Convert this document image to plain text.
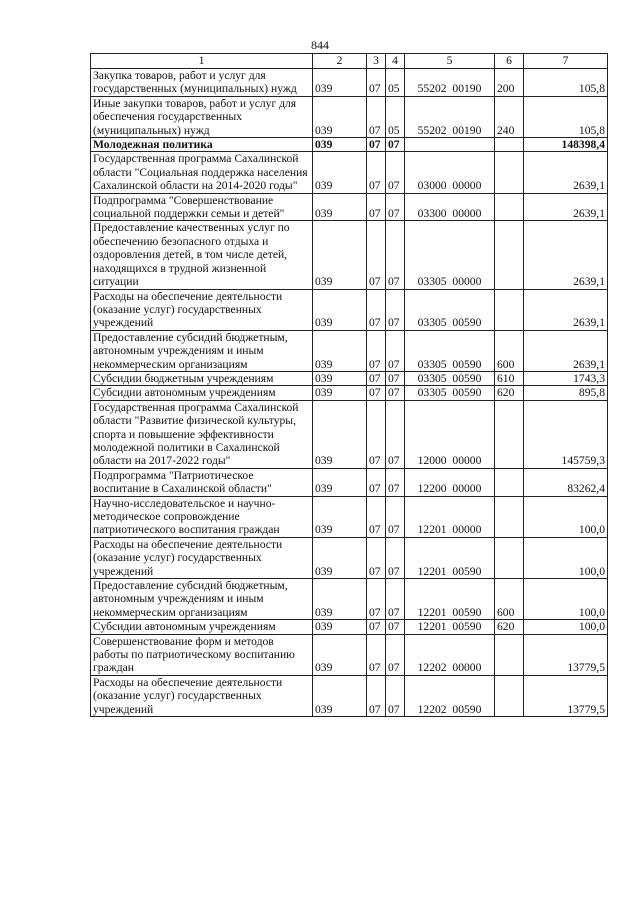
844
1	2	3	4	5	6	7
Закупка товаров, работ и услуг для государственных (муниципальных) нужд	039	07	05	55202  00190	200	105,8
Иные закупки товаров, работ и услуг для обеспечения государственных (муниципальных) нужд	039	07	05	55202  00190	240	105,8
Молодежная политика	039	07	07			148398,4
Государственная программа Сахалинской области "Социальная поддержка населения Сахалинской области на 2014-2020 годы"	039	07	07	03000  00000		2639,1
Подпрограмма "Совершенствование социальной поддержки семьи и детей"	039	07	07	03300  00000		2639,1
Предоставление качественных услуг по обеспечению безопасного отдыха и оздоровления детей, в том числе детей, находящихся в трудной жизненной ситуации	039	07	07	03305  00000		2639,1
Расходы на обеспечение деятельности (оказание услуг) государственных учреждений	039	07	07	03305  00590		2639,1
Предоставление субсидий бюджетным, автономным учреждениям и иным некоммерческим организациям	039	07	07	03305  00590	600	2639,1
Субсидии бюджетным учреждениям	039	07	07	03305  00590	610	1743,3
Субсидии автономным учреждениям	039	07	07	03305  00590	620	895,8
Государственная программа Сахалинской области "Развитие физической культуры, спорта и повышение эффективности молодежной политики в Сахалинской области на 2017-2022 годы"	039	07	07	12000  00000		145759,3
Подпрограмма "Патриотическое воспитание в Сахалинской области"	039	07	07	12200  00000		83262,4
Научно-исследовательское и научно-методическое сопровождение патриотического воспитания граждан	039	07	07	12201  00000		100,0
Расходы на обеспечение деятельности (оказание услуг) государственных учреждений	039	07	07	12201  00590		100,0
Предоставление субсидий бюджетным, автономным учреждениям и иным некоммерческим организациям	039	07	07	12201  00590	600	100,0
Субсидии автономным учреждениям	039	07	07	12201  00590	620	100,0
Совершенствование форм и методов работы по патриотическому воспитанию граждан	039	07	07	12202  00000		13779,5
Расходы на обеспечение деятельности (оказание услуг) государственных учреждений	039	07	07	12202  00590		13779,5
